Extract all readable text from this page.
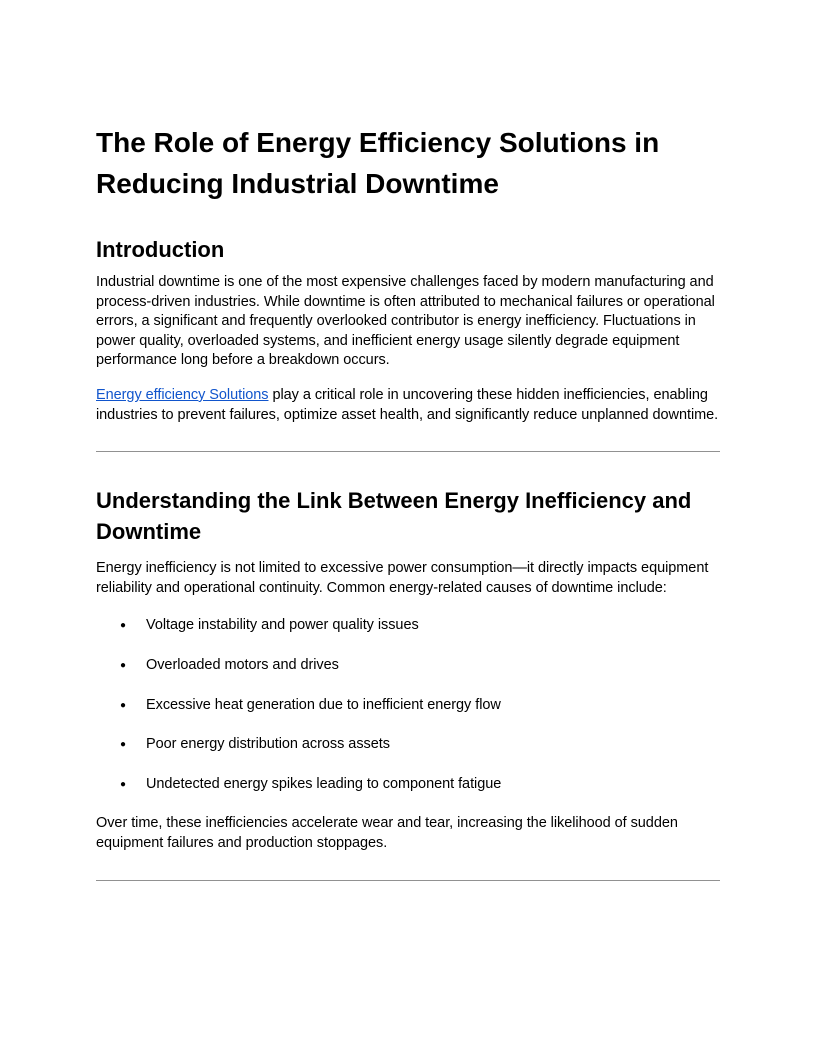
The Role of Energy Efficiency Solutions in Reducing Industrial Downtime
Introduction

Industrial downtime is one of the most expensive challenges faced by modern manufacturing and process-driven industries. While downtime is often attributed to mechanical failures or operational errors, a significant and frequently overlooked contributor is energy inefficiency. Fluctuations in power quality, overloaded systems, and inefficient energy usage silently degrade equipment performance long before a breakdown occurs.

Energy efficiency Solutions play a critical role in uncovering these hidden inefficiencies, enabling industries to prevent failures, optimize asset health, and significantly reduce unplanned downtime.

Understanding the Link Between Energy Inefficiency and Downtime

Energy inefficiency is not limited to excessive power consumption—it directly impacts equipment reliability and operational continuity. Common energy-related causes of downtime include:

● Voltage instability and power quality issues
● Overloaded motors and drives
● Excessive heat generation due to inefficient energy flow
● Poor energy distribution across assets
● Undetected energy spikes leading to component fatigue

Over time, these inefficiencies accelerate wear and tear, increasing the likelihood of sudden equipment failures and production stoppages.
